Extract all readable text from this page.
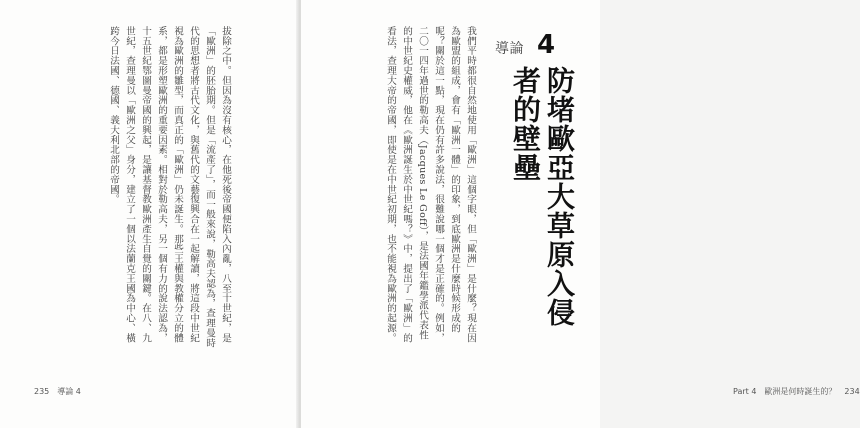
拔除之中。但因為沒有核心，在他死後帝國便陷入內亂，八至十世紀，是「歐洲」的胚胎期。但是「流產了」，而一般來說，勒高夫認為，查理曼時代的思想者將古代文化，與舊代的文藝復興合在一起解讀，將這段中世紀視為歐洲的雛型，而真正的「歐洲」仍未誕生。那些王權與教權分立的體系，都是形塑歐洲的重要因素。相對於勒高夫，另一個有力的說法認為，十五世紀鄂圖曼帝國的興起，是讓基督教歐洲產生自覺的關鍵。在八、九世紀，查理曼以「歐洲之父」身分，建立了一個以法蘭克王國為中心、橫跨今日法國、德國、義大利北部的帝國。
235　導論 4
我們平時都很自然地使用「歐洲」這個字眼，但「歐洲」是什麼？現在因為歐盟的組成，會有「歐洲一體」的印象，到底歐洲是什麼時候形成的呢？關於這一點，現在仍有許多說法，很難說哪一個才是正確的。例如，二〇一四年過世的勒高夫（Jacques Le Goff），是法國年鑑學派代表性的中世紀史權威，他在《歐洲誕生於中世紀嗎？》中，提出了「歐洲」的看法，查理大帝的帝國，即使是在中世紀初期，也不能視為歐洲的起源。
Part 4　歐洲是何時誕生的？　234
導論 4
防堵歐亞大草原入侵者的壁壘
